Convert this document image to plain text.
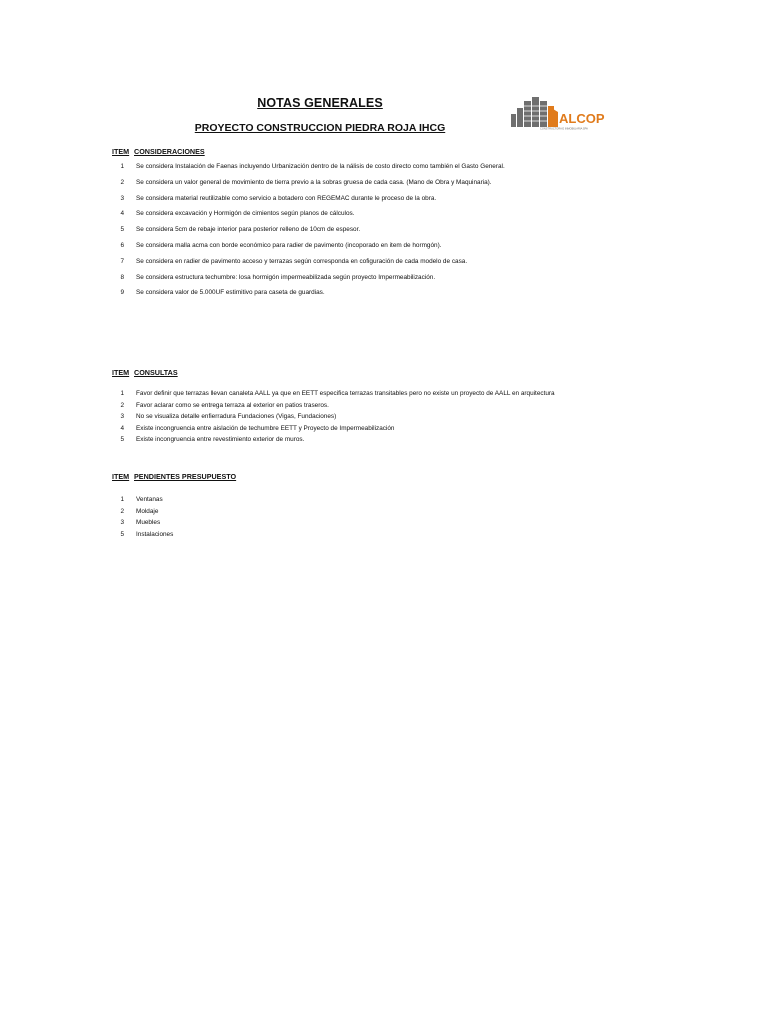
NOTAS GENERALES
PROYECTO CONSTRUCCION PIEDRA ROJA IHCG
ALCOP
CONSTRUCTORA E INMOBILIARIA SPA
ITEM CONSIDERACIONES
1	Se considera Instalación de Faenas incluyendo Urbanización dentro de la nálisis de costo directo como también el Gasto General.
2	Se considera un valor general de movimiento de tierra previo a la sobras gruesa de cada casa. (Mano de Obra y Maquinaria).
3	Se considera material reutilizable como servicio a botadero con REGEMAC durante le proceso de la obra.
4	Se considera excavación y Hormigón de cimientos según planos de cálculos.
5	Se considera 5cm de rebaje interior para posterior relleno de 10cm de espesor.
6	Se considera malla acma con borde económico para radier de pavimento (incoporado en item de hormgón).
7	Se considera en radier de pavimento acceso y terrazas según corresponda en cofiguración de cada modelo de casa.
8	Se considera estructura techumbre: losa hormigón impermeabilizada según proyecto Impermeabilización.
9	Se considera valor de 5.000UF estimitivo para caseta de guardias.
ITEM CONSULTAS
1	Favor definir que terrazas llevan canaleta AALL ya que en EETT especifica terrazas transitables pero no existe un proyecto de AALL en arquitectura
2	Favor aclarar como se entrega terraza al exterior en patios traseros.
3	No se visualiza detalle enfierradura Fundaciones (Vigas, Fundaciones)
4	Existe incongruencia entre aislación de techumbre EETT y Proyecto de Impermeabilización
5	Existe incongruencia entre revestimiento exterior de muros.
ITEM PENDIENTES PRESUPUESTO
1	Ventanas
2	Moldaje
3	Muebles
5	Instalaciones
